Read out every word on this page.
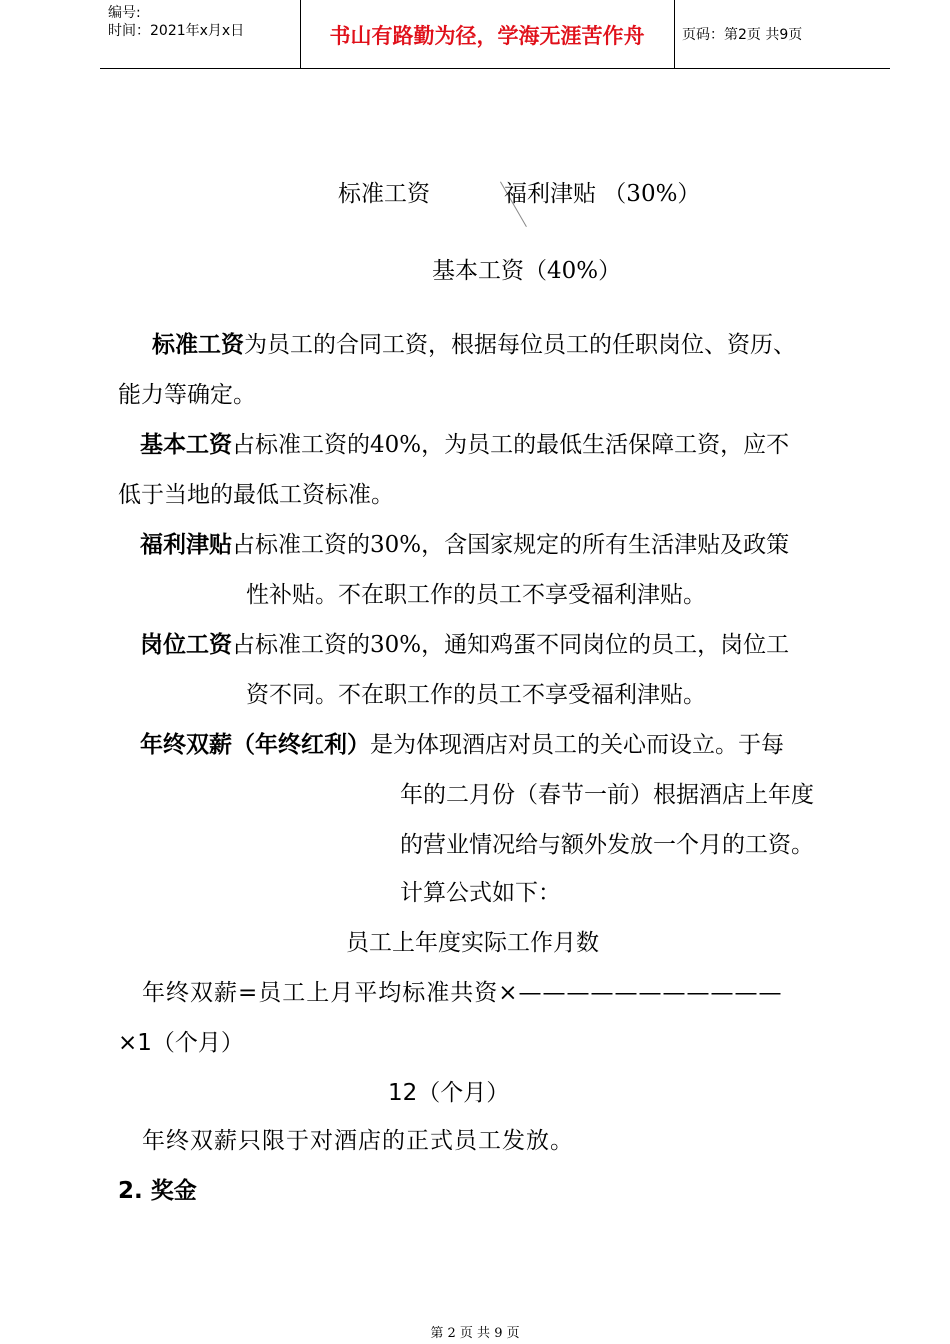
编号:
时间：2021年x月x日	书山有路勤为径，学海无涯苦作舟	页码：第2页 共9页
标准工资	福利津贴 （30%）
基本工资（40%）
标准工资为员工的合同工资，根据每位员工的任职岗位、资历、
能力等确定。
基本工资占标准工资的40%，为员工的最低生活保障工资，应不
低于当地的最低工资标准。
福利津贴占标准工资的30%，含国家规定的所有生活津贴及政策
性补贴。不在职工作的员工不享受福利津贴。
岗位工资占标准工资的30%，通知鸡蛋不同岗位的员工，岗位工
资不同。不在职工作的员工不享受福利津贴。
年终双薪（年终红利）是为体现酒店对员工的关心而设立。于每
年的二月份（春节一前）根据酒店上年度
的营业情况给与额外发放一个月的工资。
计算公式如下：
员工上年度实际工作月数
年终双薪=员工上月平均标准共资×———————————
×1（个月）
12（个月）
年终双薪只限于对酒店的正式员工发放。
2. 奖金
第 2 页 共 9 页
